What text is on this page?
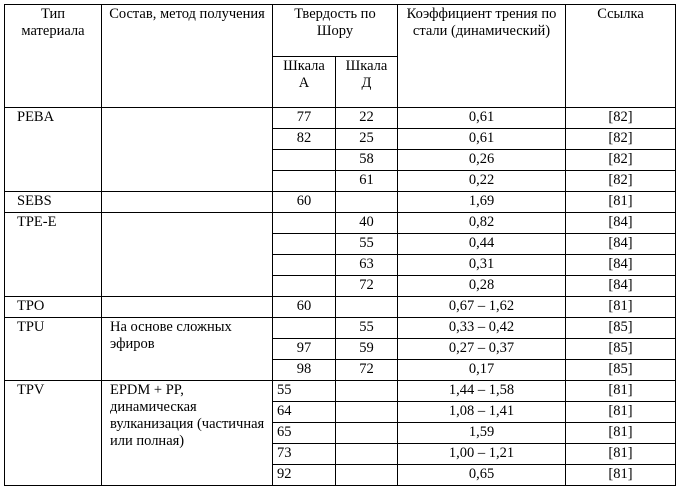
Тип материала	Состав, метод получения	Твердость по Шору		Коэффициент трения по стали (динамический)	Ссылка
		Шкала А	Шкала Д		
PEBA		77	22	0,61	[82]
		82	25	0,61	[82]
			58	0,26	[82]
			61	0,22	[82]
SEBS		60		1,69	[81]
TPE-E			40	0,82	[84]
			55	0,44	[84]
			63	0,31	[84]
			72	0,28	[84]
TPO		60		0,67 – 1,62	[81]
TPU	На основе сложных эфиров		55	0,33 – 0,42	[85]
		97	59	0,27 – 0,37	[85]
		98	72	0,17	[85]
TPV	EPDM + PP, динамическая вулканизация (частичная или полная)	55		1,44 – 1,58	[81]
		64		1,08 – 1,41	[81]
		65		1,59	[81]
		73		1,00 – 1,21	[81]
		92		0,65	[81]
